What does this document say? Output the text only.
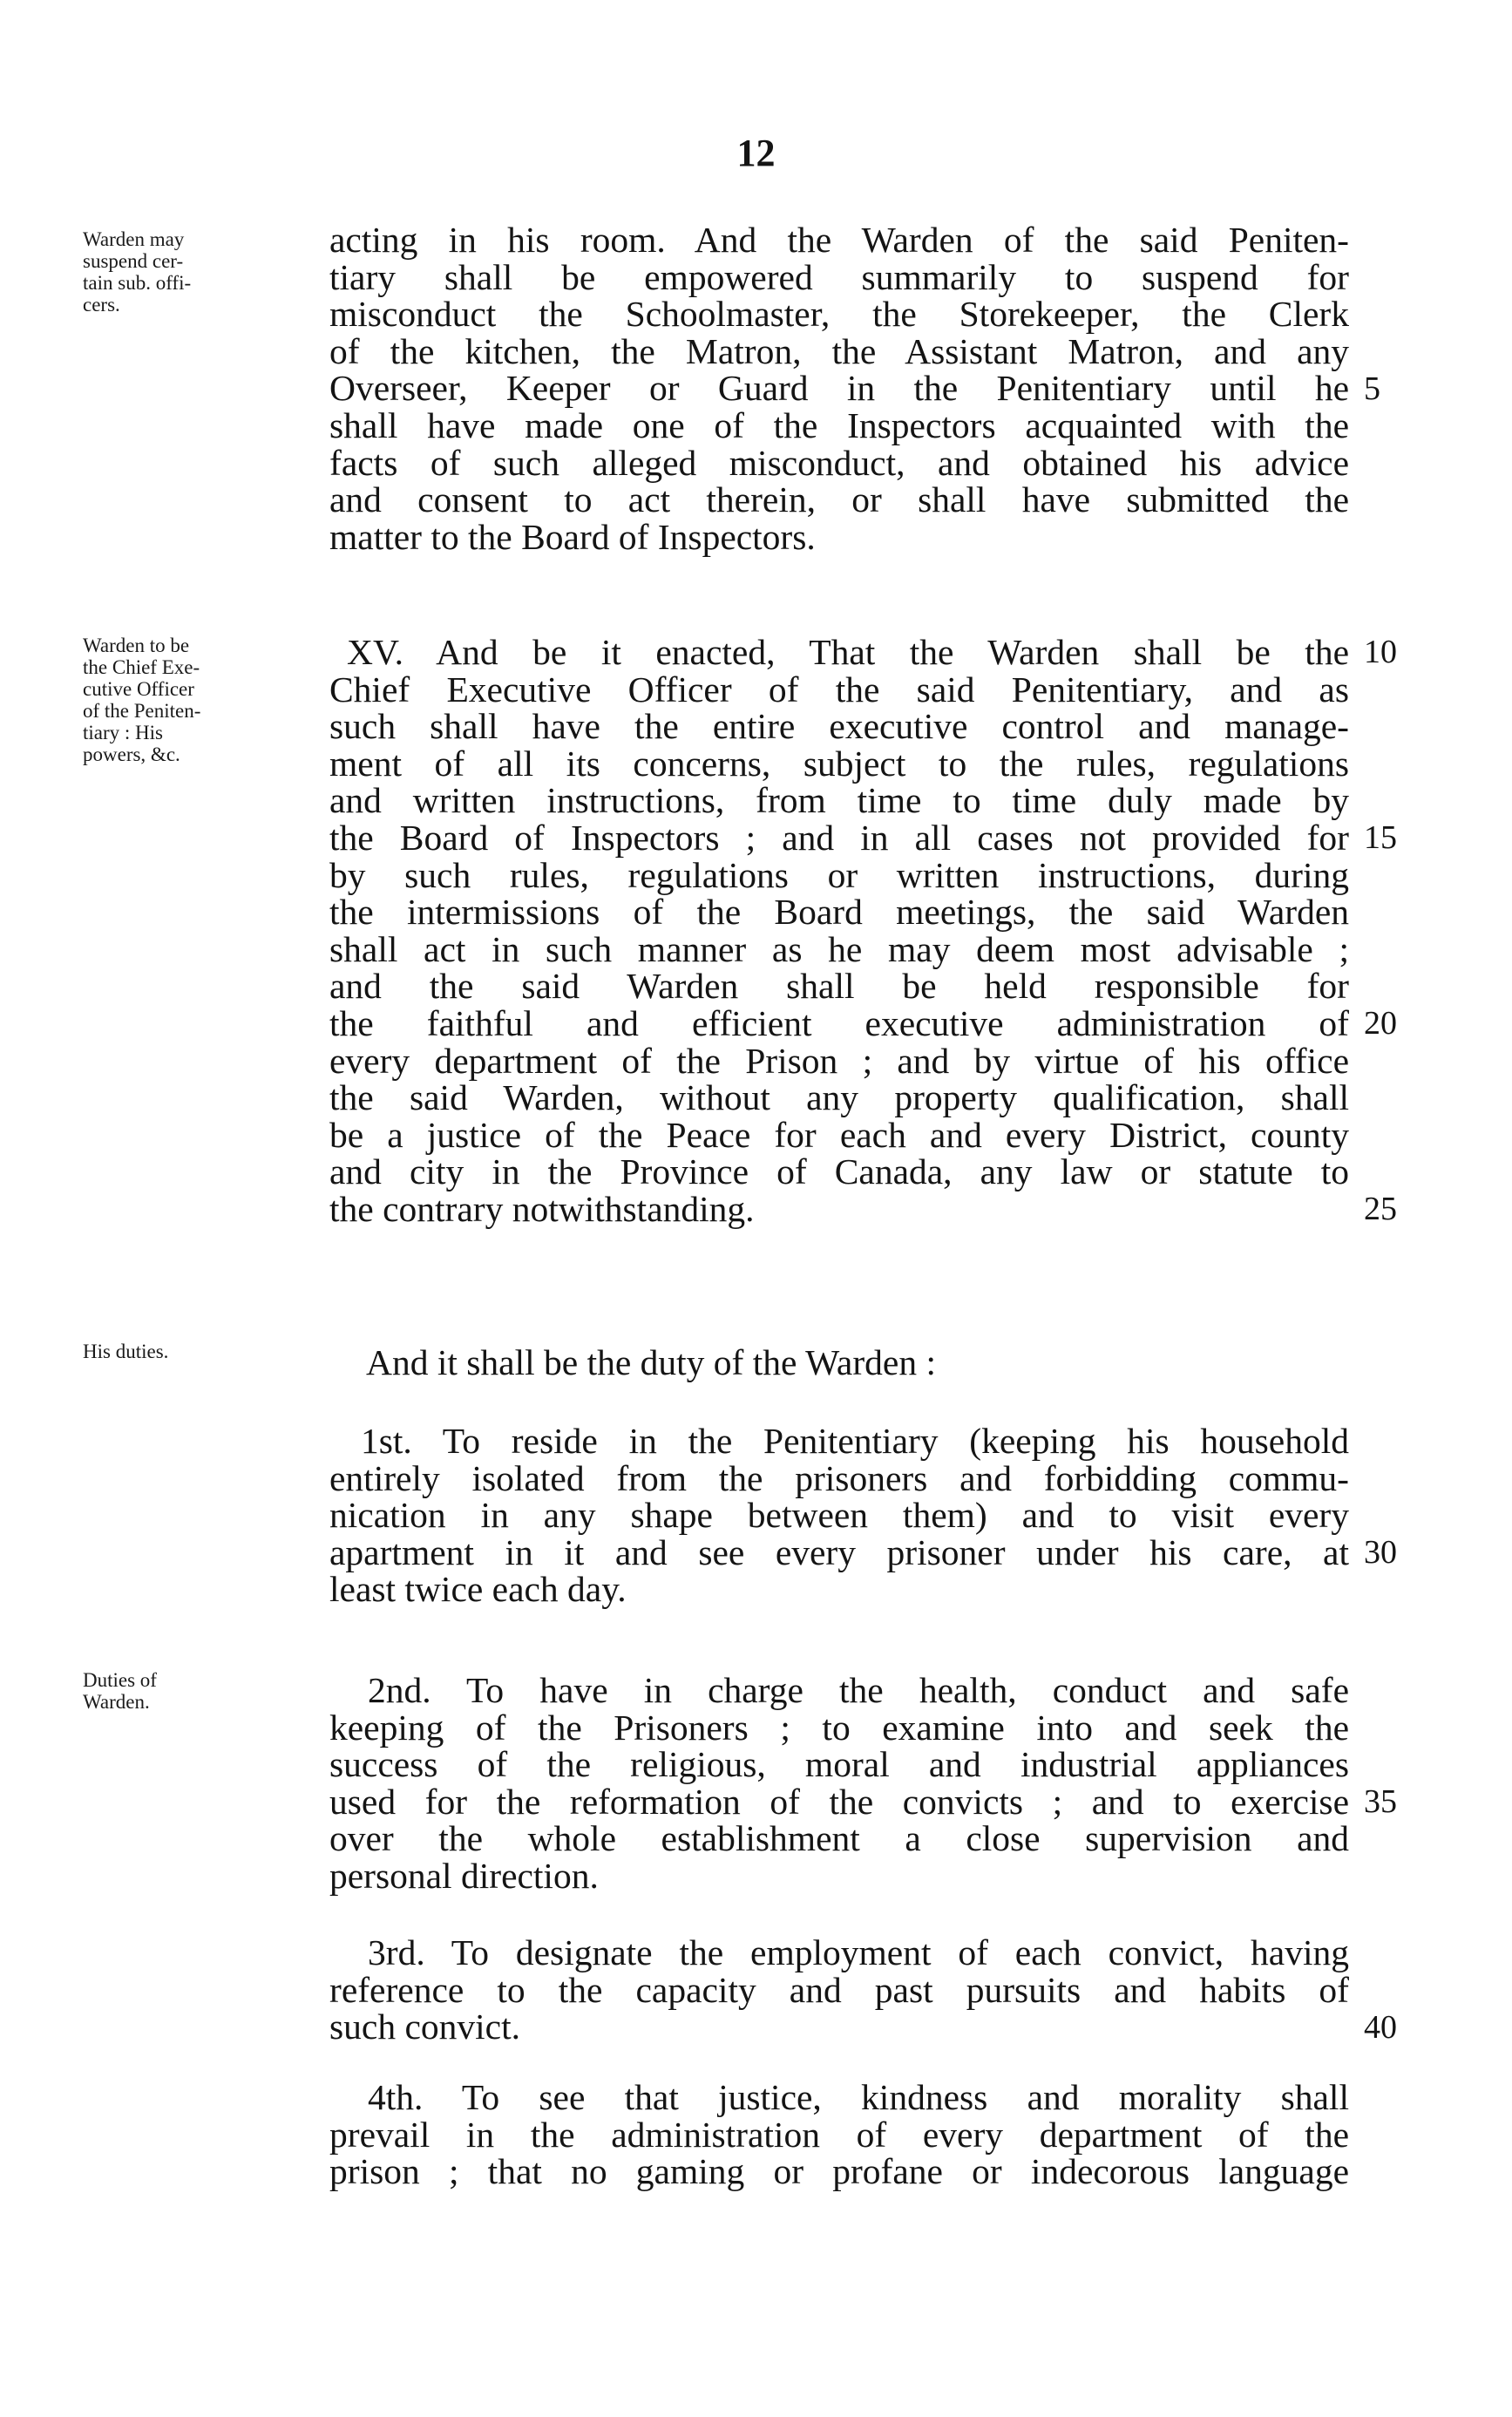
12
Warden may
suspend cer-
tain sub. offi-
cers.
Warden to be
the Chief Exe-
cutive Officer
of the Peniten-
tiary : His
powers, &c.
His duties.
Duties of
Warden.
acting in his room. And the Warden of the said Peniten-
tiary shall be empowered summarily to suspend for
misconduct the Schoolmaster, the Storekeeper, the Clerk
of the kitchen, the Matron, the Assistant Matron, and any
Overseer, Keeper or Guard in the Penitentiary until he
shall have made one of the Inspectors acquainted with the
facts of such alleged misconduct, and obtained his advice
and consent to act therein, or shall have submitted the
matter to the Board of Inspectors.
XV. And be it enacted, That the Warden shall be the
Chief Executive Officer of the said Penitentiary, and as
such shall have the entire executive control and manage-
ment of all its concerns, subject to the rules, regulations
and written instructions, from time to time duly made by
the Board of Inspectors ; and in all cases not provided for
by such rules, regulations or written instructions, during
the intermissions of the Board meetings, the said Warden
shall act in such manner as he may deem most advisable ;
and the said Warden shall be held responsible for
the faithful and efficient executive administration of
every department of the Prison ; and by virtue of his office
the said Warden, without any property qualification, shall
be a justice of the Peace for each and every District, county
and city in the Province of Canada, any law or statute to
the contrary notwithstanding.
And it shall be the duty of the Warden :
1st. To reside in the Penitentiary (keeping his household
entirely isolated from the prisoners and forbidding commu-
nication in any shape between them) and to visit every
apartment in it and see every prisoner under his care, at
least twice each day.
2nd. To have in charge the health, conduct and safe
keeping of the Prisoners ; to examine into and seek the
success of the religious, moral and industrial appliances
used for the reformation of the convicts ; and to exercise
over the whole establishment a close supervision and
personal direction.
3rd. To designate the employment of each convict, having
reference to the capacity and past pursuits and habits of
such convict.
4th. To see that justice, kindness and morality shall
prevail in the administration of every department of the
prison ; that no gaming or profane or indecorous language
5
10
15
20
25
30
35
40
